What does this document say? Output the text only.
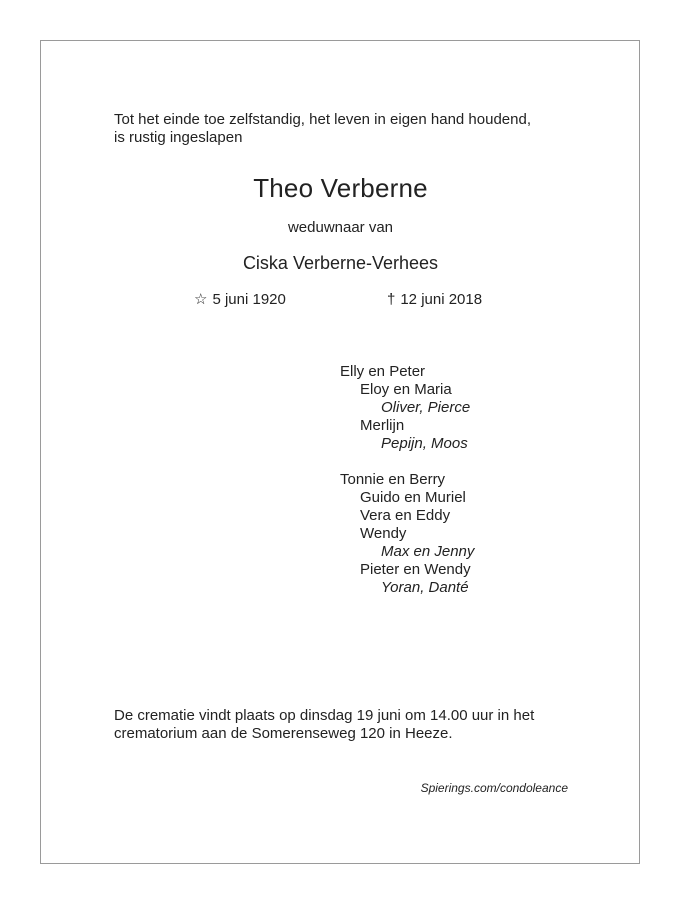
Tot het einde toe zelfstandig, het leven in eigen hand houdend,
is rustig ingeslapen
Theo Verberne
weduwnaar van
Ciska Verberne-Verhees
☆ 5 juni 1920	† 12 juni 2018
Elly en Peter
Eloy en Maria
Oliver, Pierce
Merlijn
Pepijn, Moos
Tonnie en Berry
Guido en Muriel
Vera en Eddy
Wendy
Max en Jenny
Pieter en Wendy
Yoran, Danté
De crematie vindt plaats op dinsdag 19 juni om 14.00 uur in het
crematorium aan de Somerenseweg 120 in Heeze.
Spierings.com/condoleance
